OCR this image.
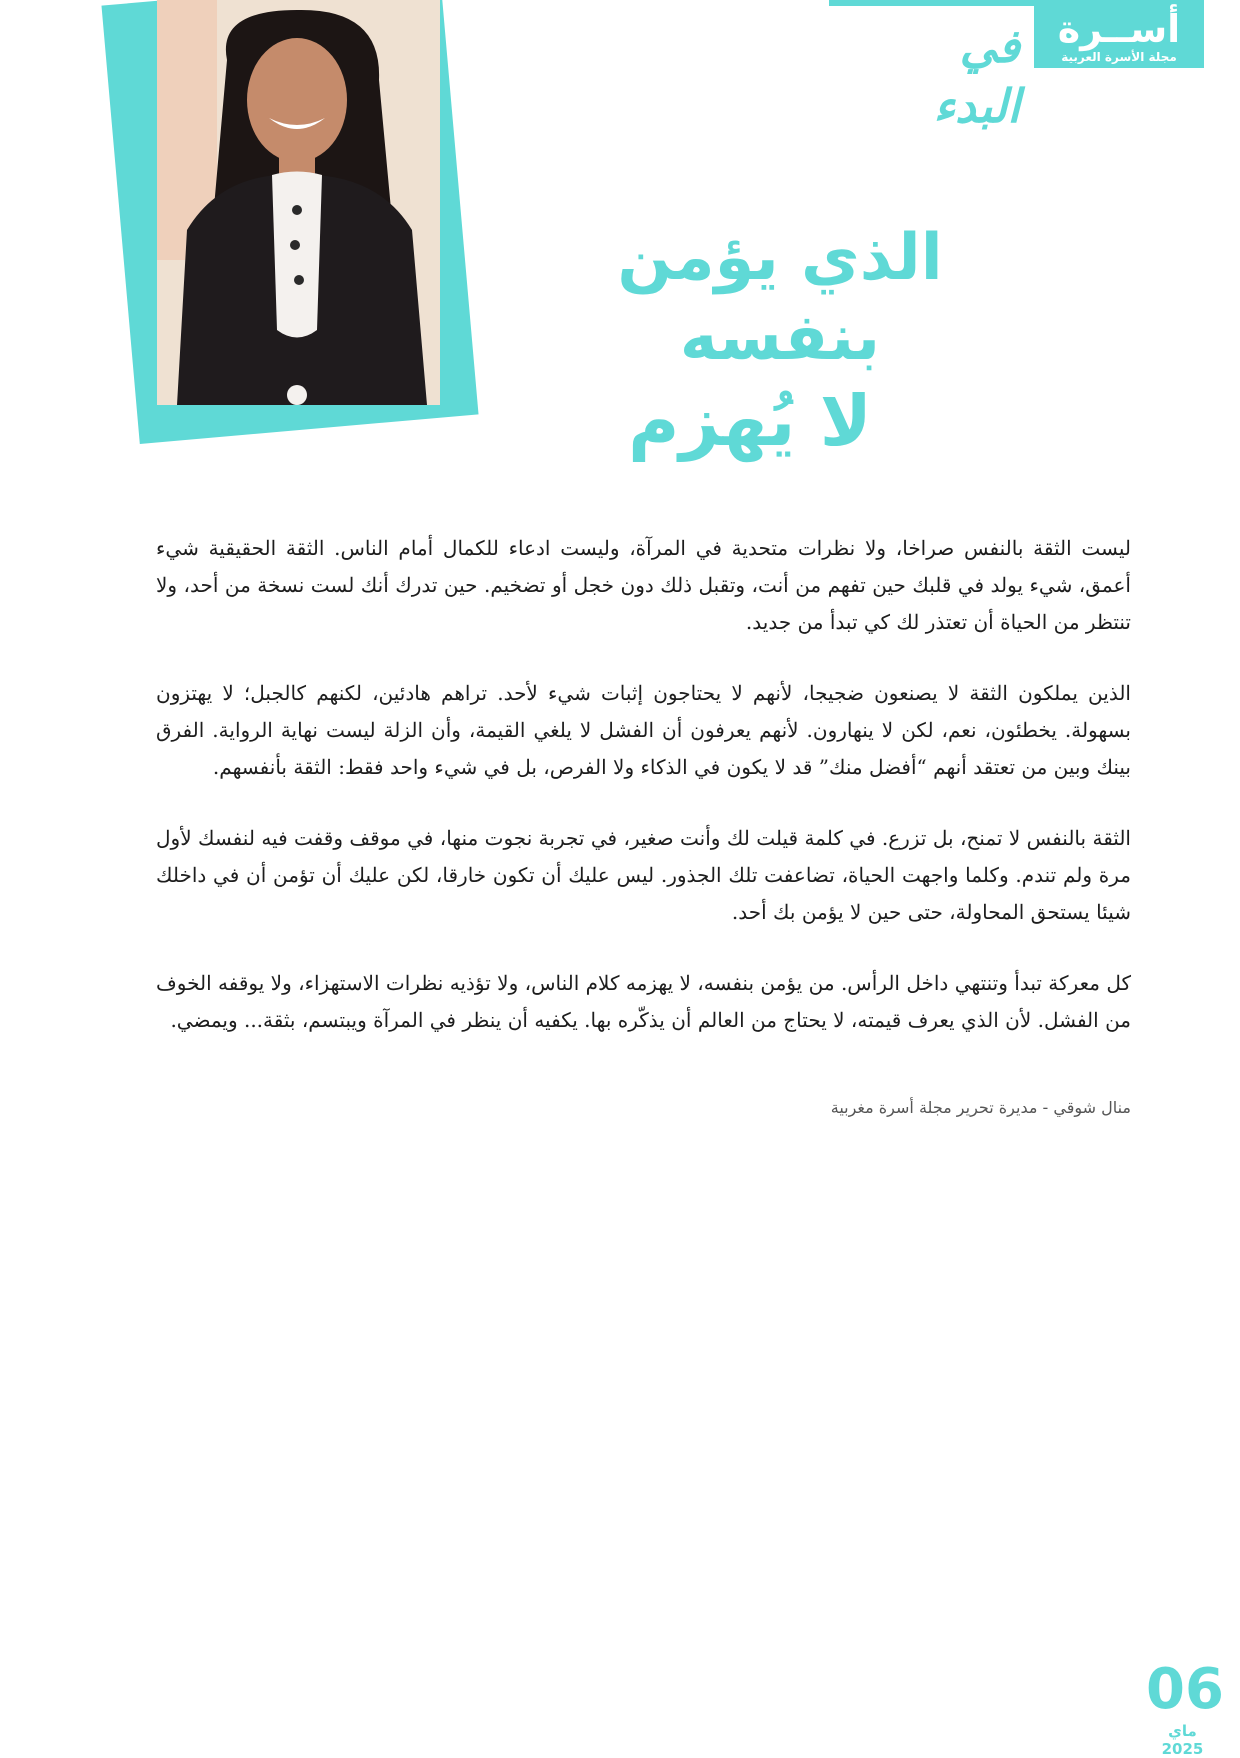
أســرة
مجلة الأسرة العربية
في البدء
الذي يؤمن بنفسه
لا يُهزم

ليست الثقة بالنفس صراخا، ولا نظرات متحدية في المرآة، وليست ادعاء للكمال أمام الناس. الثقة الحقيقية شيء أعمق، شيء يولد في قلبك حين تفهم من أنت، وتقبل ذلك دون خجل أو تضخيم. حين تدرك أنك لست نسخة من أحد، ولا تنتظر من الحياة أن تعتذر لك كي تبدأ من جديد.

الذين يملكون الثقة لا يصنعون ضجيجا، لأنهم لا يحتاجون إثبات شيء لأحد. تراهم هادئين، لكنهم كالجبل؛ لا يهتزون بسهولة. يخطئون، نعم، لكن لا ينهارون. لأنهم يعرفون أن الفشل لا يلغي القيمة، وأن الزلة ليست نهاية الرواية. الفرق بينك وبين من تعتقد أنهم “أفضل منك” قد لا يكون في الذكاء ولا الفرص، بل في شيء واحد فقط: الثقة بأنفسهم.

الثقة بالنفس لا تمنح، بل تزرع. في كلمة قيلت لك وأنت صغير، في تجربة نجوت منها، في موقف وقفت فيه لنفسك لأول مرة ولم تندم. وكلما واجهت الحياة، تضاعفت تلك الجذور. ليس عليك أن تكون خارقا، لكن عليك أن تؤمن أن في داخلك شيئا يستحق المحاولة، حتى حين لا يؤمن بك أحد.

كل معركة تبدأ وتنتهي داخل الرأس. من يؤمن بنفسه، لا يهزمه كلام الناس، ولا تؤذيه نظرات الاستهزاء، ولا يوقفه الخوف من الفشل. لأن الذي يعرف قيمته، لا يحتاج من العالم أن يذكّره بها. يكفيه أن ينظر في المرآة ويبتسم، بثقة... ويمضي.

منال شوقي - مديرة تحرير مجلة أسرة مغربية
06
ماي 2025
